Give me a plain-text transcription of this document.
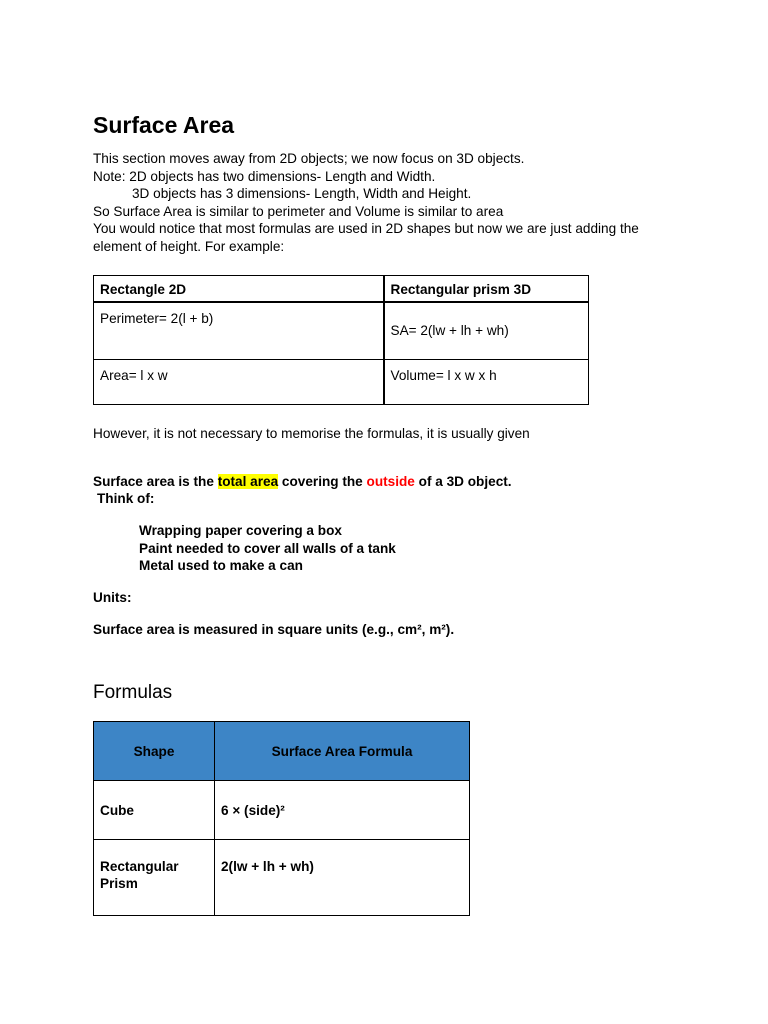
Surface Area
This section moves away from 2D objects; we now focus on 3D objects.
Note: 2D objects has two dimensions- Length and Width.
3D objects has 3 dimensions- Length, Width and Height.
So Surface Area is similar to perimeter and Volume is similar to area
You would notice that most formulas are used in 2D shapes but now we are just adding the
element of height. For example:
Rectangle 2D	Rectangular prism 3D
Perimeter= 2(l + b)	SA= 2(lw + lh + wh)
Area= l x w	Volume= l x w x h
However, it is not necessary to memorise the formulas, it is usually given
Surface area is the total area covering the outside of a 3D object.
Think of:
Wrapping paper covering a box
Paint needed to cover all walls of a tank
Metal used to make a can
Units:
Surface area is measured in square units (e.g., cm², m²).
Formulas
Shape	Surface Area Formula
Cube	6 × (side)²
Rectangular Prism	2(lw + lh + wh)
